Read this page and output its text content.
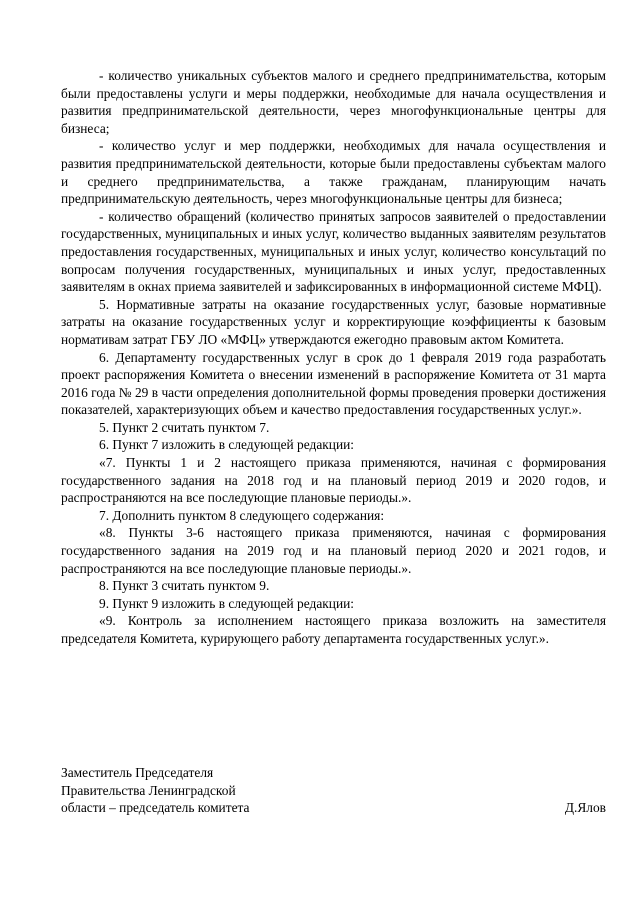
- количество уникальных субъектов малого и среднего предпринимательства, которым были предоставлены услуги и меры поддержки, необходимые для начала осуществления и развития предпринимательской деятельности, через многофункциональные центры для бизнеса;

- количество услуг и мер поддержки, необходимых для начала осуществления и развития предпринимательской деятельности, которые были предоставлены субъектам малого и среднего предпринимательства, а также гражданам, планирующим начать предпринимательскую деятельность, через многофункциональные центры для бизнеса;

- количество обращений (количество принятых запросов заявителей о предоставлении государственных, муниципальных и иных услуг, количество выданных заявителям результатов предоставления государственных, муниципальных и иных услуг, количество консультаций по вопросам получения государственных, муниципальных и иных услуг, предоставленных заявителям в окнах приема заявителей и зафиксированных в информационной системе МФЦ).

5. Нормативные затраты на оказание государственных услуг, базовые нормативные затраты на оказание государственных услуг и корректирующие коэффициенты к базовым нормативам затрат ГБУ ЛО «МФЦ» утверждаются ежегодно правовым актом Комитета.

6. Департаменту государственных услуг в срок до 1 февраля 2019 года разработать проект распоряжения Комитета о внесении изменений в распоряжение Комитета от 31 марта 2016 года № 29 в части определения дополнительной формы проведения проверки достижения показателей, характеризующих объем и качество предоставления государственных услуг.».

5. Пункт 2 считать пунктом 7.

6. Пункт 7 изложить в следующей редакции:

«7. Пункты 1 и 2 настоящего приказа применяются, начиная с формирования государственного задания на 2018 год и на плановый период 2019 и 2020 годов, и распространяются на все последующие плановые периоды.».

7. Дополнить пунктом 8 следующего содержания:

«8. Пункты 3-6 настоящего приказа применяются, начиная с формирования государственного задания на 2019 год и на плановый период 2020 и 2021 годов, и распространяются на все последующие плановые периоды.».

8. Пункт 3 считать пунктом 9.

9. Пункт 9 изложить в следующей редакции:

«9. Контроль за исполнением настоящего приказа возложить на заместителя председателя Комитета, курирующего работу департамента государственных услуг.».

Заместитель Председателя
Правительства Ленинградской
области – председатель комитета	Д.Ялов
